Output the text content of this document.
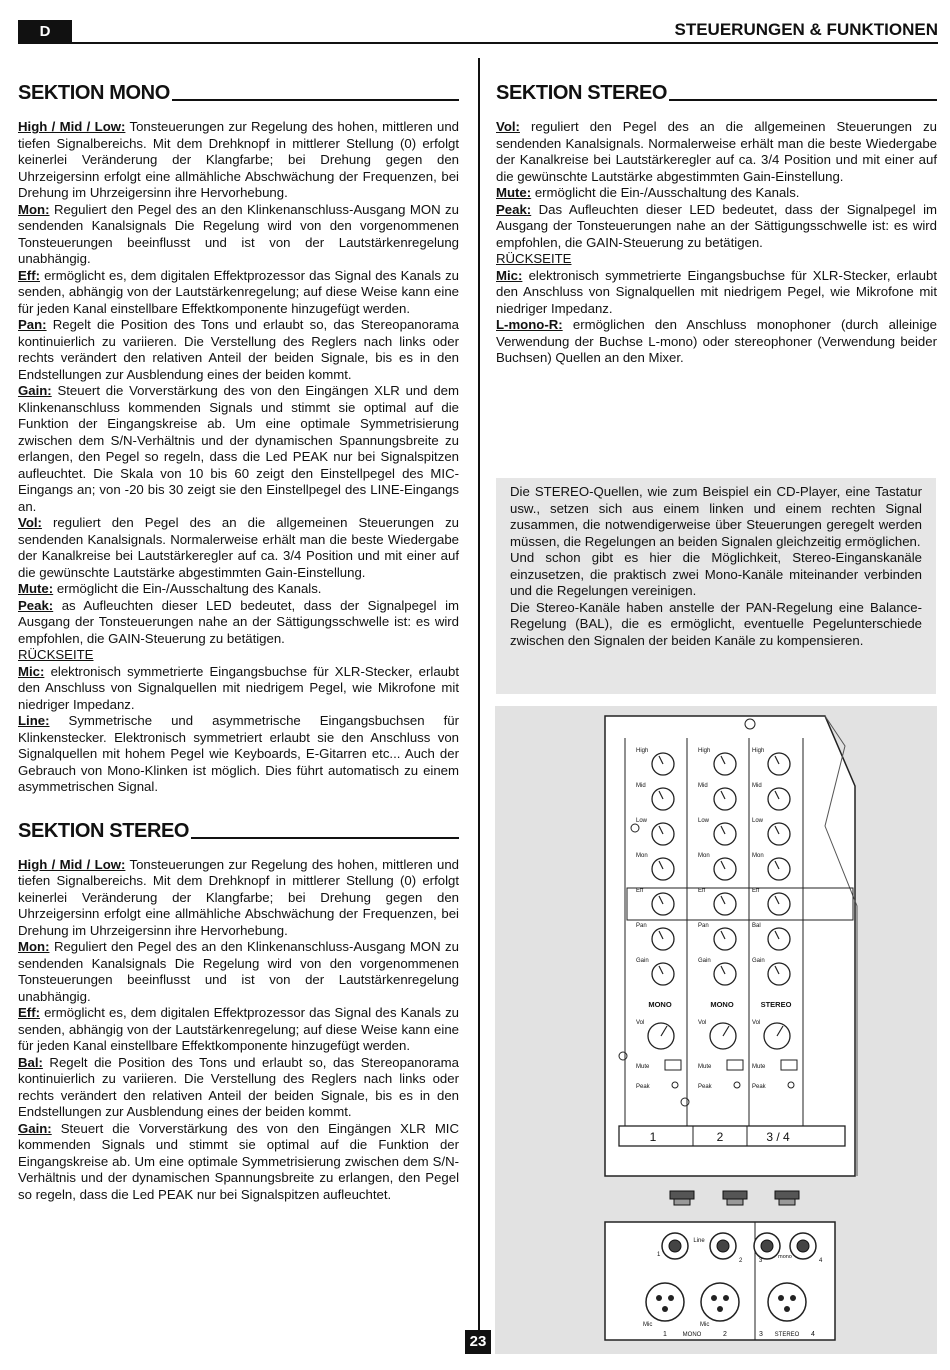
D	STEUERUNGEN & FUNKTIONEN
SEKTION MONO

High / Mid / Low: Tonsteuerungen zur Regelung des hohen, mittleren und tiefen Signalbereichs. Mit dem Drehknopf in mittlerer Stellung (0) erfolgt keinerlei Veränderung der Klangfarbe; bei Drehung gegen den Uhrzeigersinn erfolgt eine allmähliche Abschwächung der Frequenzen, bei Drehung im Uhrzeigersinn ihre Hervorhebung.

Mon: Reguliert den Pegel des an den Klinkenanschluss-Ausgang MON zu sendenden Kanalsignals Die Regelung wird von den vorgenommenen Tonsteuerungen beeinflusst und ist von der Lautstärkenregelung unabhängig.

Eff: ermöglicht es, dem digitalen Effektprozessor das Signal des Kanals zu senden, abhängig von der Lautstärkenregelung; auf diese Weise kann eine für jeden Kanal einstellbare Effektkomponente hinzugefügt werden.

Pan: Regelt die Position des Tons und erlaubt so, das Stereopanorama kontinuierlich zu variieren. Die Verstellung des Reglers nach links oder rechts verändert den relativen Anteil der beiden Signale, bis es in den Endstellungen zur Ausblendung eines der beiden kommt.

Gain: Steuert die Vorverstärkung des von den Eingängen XLR und dem Klinkenanschluss kommenden Signals und stimmt sie optimal auf die Funktion der Eingangskreise ab. Um eine optimale Symmetrisierung zwischen dem S/N-Verhältnis und der dynamischen Spannungsbreite zu erlangen, den Pegel so regeln, dass die Led PEAK nur bei Signalspitzen aufleuchtet. Die Skala von 10 bis 60 zeigt den Einstellpegel des MIC-Eingangs an; von -20 bis 30 zeigt sie den Einstellpegel des LINE-Eingangs an.

Vol: reguliert den Pegel des an die allgemeinen Steuerungen zu sendenden Kanalsignals. Normalerweise erhält man die beste Wiedergabe der Kanalkreise bei Lautstärkeregler auf ca. 3/4 Position und mit einer auf die gewünschte Lautstärke abgestimmten Gain-Einstellung.

Mute: ermöglicht die Ein-/Ausschaltung des Kanals.

Peak: as Aufleuchten dieser LED bedeutet, dass der Signalpegel im Ausgang der Tonsteuerungen nahe an der Sättigungsschwelle ist: es wird empfohlen, die GAIN-Steuerung zu betätigen.

RÜCKSEITE

Mic: elektronisch symmetrierte Eingangsbuchse für XLR-Stecker, erlaubt den Anschluss von Signalquellen mit niedrigem Pegel, wie Mikrofone mit niedriger Impedanz.

Line: Symmetrische und asymmetrische Eingangsbuchsen für Klinkenstecker. Elektronisch symmetriert erlaubt sie den Anschluss von Signalquellen mit hohem Pegel wie Keyboards, E-Gitarren etc... Auch der Gebrauch von Mono-Klinken ist möglich. Dies führt automatisch zu einem asymmetrischen Signal.

SEKTION STEREO

High / Mid / Low: Tonsteuerungen zur Regelung des hohen, mittleren und tiefen Signalbereichs. Mit dem Drehknopf in mittlerer Stellung (0) erfolgt keinerlei Veränderung der Klangfarbe; bei Drehung gegen den Uhrzeigersinn erfolgt eine allmähliche Abschwächung der Frequenzen, bei Drehung im Uhrzeigersinn ihre Hervorhebung.

Mon: Reguliert den Pegel des an den Klinkenanschluss-Ausgang MON zu sendenden Kanalsignals Die Regelung wird von den vorgenommenen Tonsteuerungen beeinflusst und ist von der Lautstärkenregelung unabhängig.

Eff: ermöglicht es, dem digitalen Effektprozessor das Signal des Kanals zu senden, abhängig von der Lautstärkenregelung; auf diese Weise kann eine für jeden Kanal einstellbare Effektkomponente hinzugefügt werden.

Bal: Regelt die Position des Tons und erlaubt so, das Stereopanorama kontinuierlich zu variieren. Die Verstellung des Reglers nach links oder rechts verändert den relativen Anteil der beiden Signale, bis es in den Endstellungen zur Ausblendung eines der beiden kommt.

Gain: Steuert die Vorverstärkung des von den Eingängen XLR MIC kommenden Signals und stimmt sie optimal auf die Funktion der Eingangskreise ab. Um eine optimale Symmetrisierung zwischen dem S/N-Verhältnis und der dynamischen Spannungsbreite zu erlangen, den Pegel so regeln, dass die Led PEAK nur bei Signalspitzen aufleuchtet.

SEKTION STEREO

Vol: reguliert den Pegel des an die allgemeinen Steuerungen zu sendenden Kanalsignals. Normalerweise erhält man die beste Wiedergabe der Kanalkreise bei Lautstärkeregler auf ca. 3/4 Position und mit einer auf die gewünschte Lautstärke abgestimmten Gain-Einstellung.

Mute: ermöglicht die Ein-/Ausschaltung des Kanals.

Peak: Das Aufleuchten dieser LED bedeutet, dass der Signalpegel im Ausgang der Tonsteuerungen nahe an der Sättigungsschwelle ist: es wird empfohlen, die GAIN-Steuerung zu betätigen.

RÜCKSEITE

Mic: elektronisch symmetrierte Eingangsbuchse für XLR-Stecker, erlaubt den Anschluss von Signalquellen mit niedrigem Pegel, wie Mikrofone mit niedriger Impedanz.

L-mono-R: ermöglichen den Anschluss monophoner (durch alleinige Verwendung der Buchse L-mono) oder stereophoner (Verwendung beider Buchsen) Quellen an den Mixer.

Die STEREO-Quellen, wie zum Beispiel ein CD-Player, eine Tastatur usw., setzen sich aus einem linken und einem rechten Signal zusammen, die notwendigerweise über Steuerungen geregelt werden müssen, die Regelungen an beiden Signalen gleichzeitig ermöglichen.

Und schon gibt es hier die Möglichkeit, Stereo-Einganskanäle einzusetzen, die praktisch zwei Mono-Kanäle miteinander verbinden und die Regelungen vereinigen.

Die Stereo-Kanäle haben anstelle der PAN-Regelung eine Balance-Regelung (BAL), die es ermöglicht, eventuelle Pegelunterschiede zwischen den Signalen der beiden Kanäle zu kompensieren.

High
Mid
Low
Mon
Eff
Pan
Gain
High
Mid
Low
Mon
Eff
Pan
Gain
High
Mid
Low
Mon
Eff
Bal
Gain
MONO
Vol
Mute
Peak
MONO
Vol
Mute
Peak
STEREO
Vol
Mute
Peak
1	2	3 / 4
Line
mono
1
2	3	4
Mic	Mic
1	MONO	2	3 STEREO 4
23
